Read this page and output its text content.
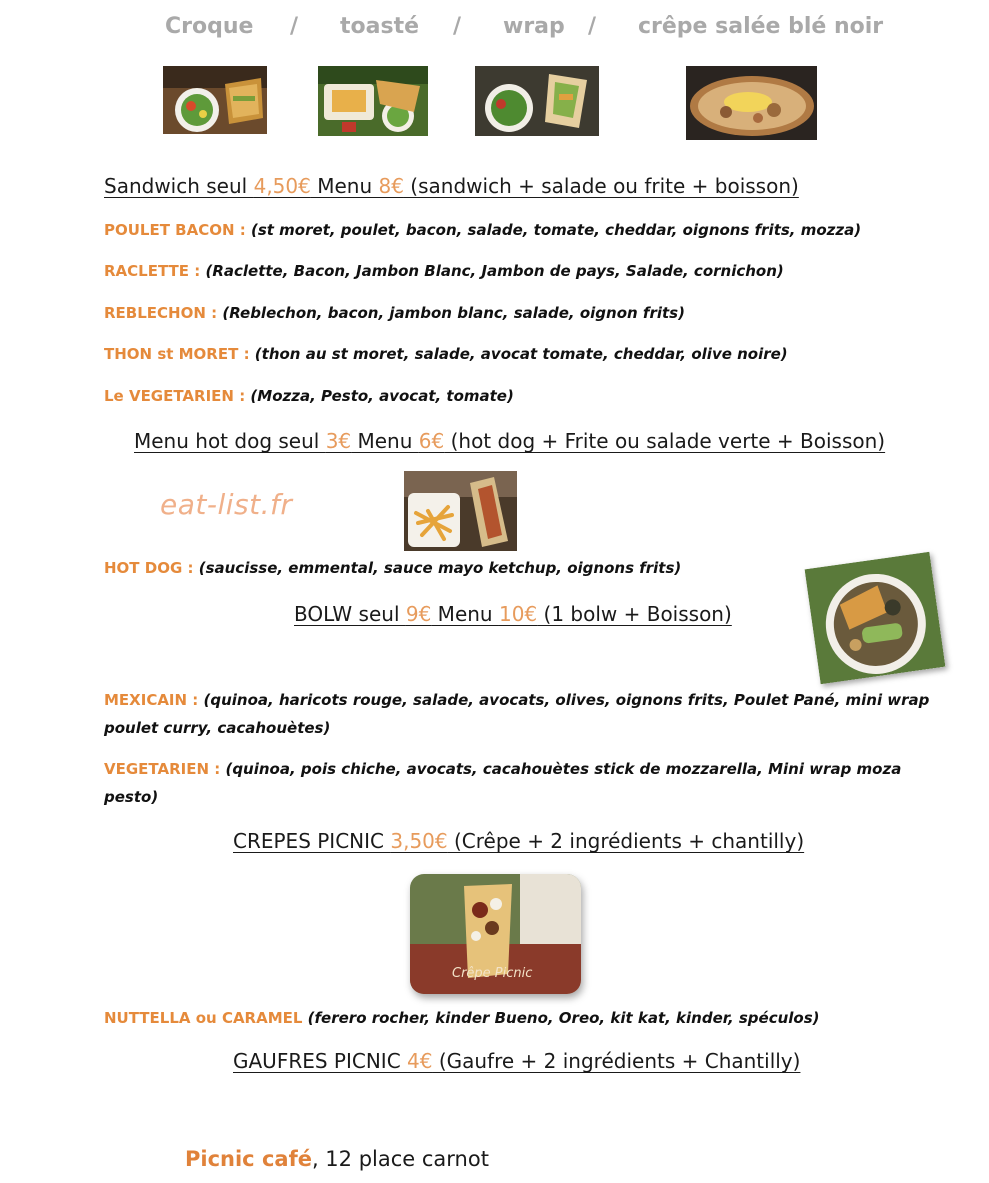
Croque / toasté / wrap / crêpe salée blé noir
Sandwich seul 4,50€ Menu 8€ (sandwich + salade ou frite + boisson)
POULET BACON : (st moret, poulet, bacon, salade, tomate, cheddar, oignons frits, mozza)
RACLETTE : (Raclette, Bacon, Jambon Blanc, Jambon de pays, Salade, cornichon)
REBLECHON : (Reblechon, bacon, jambon blanc, salade, oignon frits)
THON st MORET : (thon au st moret, salade, avocat tomate, cheddar, olive noire)
Le VEGETARIEN : (Mozza, Pesto, avocat, tomate)
Menu hot dog seul 3€ Menu 6€ (hot dog + Frite ou salade verte + Boisson)
eat-list.fr
HOT DOG : (saucisse, emmental, sauce mayo ketchup, oignons frits)
BOLW seul 9€ Menu 10€ (1 bolw + Boisson)
MEXICAIN : (quinoa, haricots rouge, salade, avocats, olives, oignons frits, Poulet Pané, mini wrap poulet curry, cacahouètes)
VEGETARIEN : (quinoa, pois chiche, avocats, cacahouètes stick de mozzarella, Mini wrap moza pesto)
CREPES PICNIC 3,50€ (Crêpe + 2 ingrédients + chantilly)
Crêpe Picnic
NUTTELLA ou CARAMEL (ferero rocher, kinder Bueno, Oreo, kit kat, kinder, spéculos)
GAUFRES PICNIC 4€ (Gaufre + 2 ingrédients + Chantilly)
Picnic café, 12 place carnot
